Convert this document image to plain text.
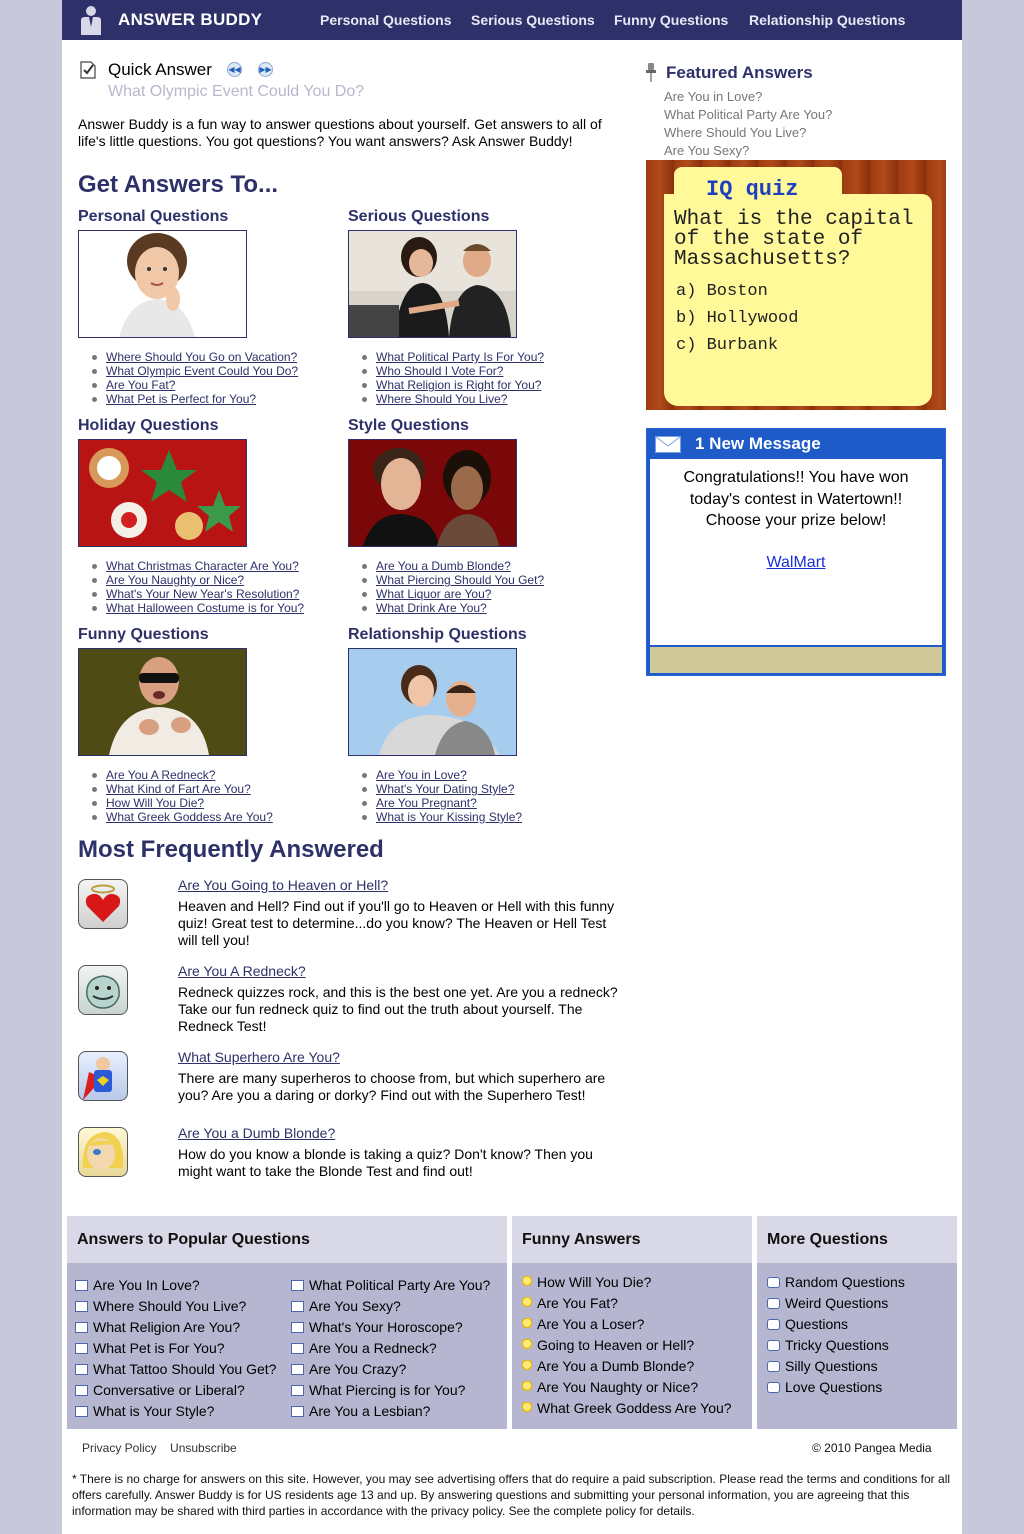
ANSWER BUDDY	Personal Questions Serious Questions Funny Questions Relationship Questions
Quick Answer ◀◀ ▶▶
What Olympic Event Could You Do?
Answer Buddy is a fun way to answer questions about yourself. Get answers to all of life's little questions. You got questions? You want answers? Ask Answer Buddy!
Get Answers To...
Personal Questions
Where Should You Go on Vacation?
What Olympic Event Could You Do?
Are You Fat?
What Pet is Perfect for You?
Serious Questions
What Political Party Is For You?
Who Should I Vote For?
What Religion is Right for You?
Where Should You Live?
Holiday Questions
What Christmas Character Are You?
Are You Naughty or Nice?
What's Your New Year's Resolution?
What Halloween Costume is for You?
Style Questions
Are You a Dumb Blonde?
What Piercing Should You Get?
What Liquor are You?
What Drink Are You?
Funny Questions
Are You A Redneck?
What Kind of Fart Are You?
How Will You Die?
What Greek Goddess Are You?
Relationship Questions
Are You in Love?
What's Your Dating Style?
Are You Pregnant?
What is Your Kissing Style?
Most Frequently Answered
Are You Going to Heaven or Hell?
Heaven and Hell? Find out if you'll go to Heaven or Hell with this funny quiz! Great test to determine...do you know? The Heaven or Hell Test will tell you!
Are You A Redneck?
Redneck quizzes rock, and this is the best one yet. Are you a redneck? Take our fun redneck quiz to find out the truth about yourself. The Redneck Test!
What Superhero Are You?
There are many superheros to choose from, but which superhero are you? Are you a daring or dorky? Find out with the Superhero Test!
Are You a Dumb Blonde?
How do you know a blonde is taking a quiz? Don't know? Then you might want to take the Blonde Test and find out!
Featured Answers
Are You in Love?
What Political Party Are You?
Where Should You Live?
Are You Sexy?
What is the capital of the state of Massachusetts?
a) Boston
b) Hollywood
c) Burbank
IQ quiz
1 New Message
Congratulations!! You have won today's contest in Watertown!! Choose your prize below!
WalMart
Answers to Popular Questions
Are You In Love?
Where Should You Live?
What Religion Are You?
What Pet is For You?
What Tattoo Should You Get?
Conversative or Liberal?
What is Your Style?
What Political Party Are You?
Are You Sexy?
What's Your Horoscope?
Are You a Redneck?
Are You Crazy?
What Piercing is for You?
Are You a Lesbian?
Funny Answers
How Will You Die?
Are You Fat?
Are You a Loser?
Going to Heaven or Hell?
Are You a Dumb Blonde?
Are You Naughty or Nice?
What Greek Goddess Are You?
More Questions
Random Questions
Weird Questions
Questions
Tricky Questions
Silly Questions
Love Questions
Privacy Policy Unsubscribe	© 2010 Pangea Media
* There is no charge for answers on this site. However, you may see advertising offers that do require a paid subscription. Please read the terms and conditions for all offers carefully. Answer Buddy is for US residents age 13 and up. By answering questions and submitting your personal information, you are agreeing that this information may be shared with third parties in accordance with the privacy policy. See the complete policy for details.
